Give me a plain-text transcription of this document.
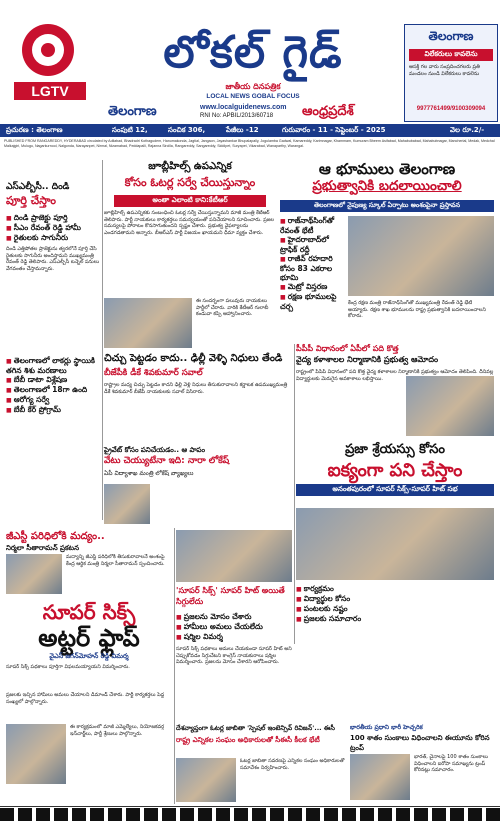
LGTV
లోకల్ గైడ్
జాతీయ దినపత్రిక
LOCAL NEWS GOBAL FOCUS
తెలంగాణ
విలేకరులు కావలెను
ఆసక్తి గల వారు సంప్రదించగలరు ప్రతి మండలం నుండి విలేకరులు కావలెను
9977761499/9100309094
తెలంగాణ	www.localguidenews.com
RNI No: APBIL/2013/60718 ఆంధ్రప్రదేశ్
ప్రచురణ : తెలంగాణ	సంపుటి 12,	సంచిక 306,	పేజీలు -12	గురువారం - 11 - సెప్టెంబర్ - 2025	వెల రూ.2/-
PUBLISHED FROM RANGAREDDY, HYDERABAD circulated by Adilabad, Bhadradri Kothagudem, Hanumakonda, Jagtial, Jangaon, Jayashankar Bhupalapally, Jogulamba Gadwal, Kamareddy, Karimnagar, Khammam, Kumuram Bheem Asifabad, Mahabubabad, Mahabubnagar, Mancherial, Medak, Medchal Malkajgiri, Mulugu, Nagarkurnool, Nalgonda, Narayanpet, Nirmal, Nizamabad, Peddapalli, Rajanna Sircilla, Rangareddy, Sangareddy, Siddipet, Suryapet, Vikarabad, Wanaparthy, Warangal.
జూబ్లీహిల్స్ ఉపఎన్నిక
కోసం ఓటర్ల సర్వే చేయిస్తున్నాం
అంతా ఎలాంటి కాని:కేటీఆర్
జూబ్లీహిల్స్ ఉపఎన్నికకు సంబంధించి ఓటర్ల సర్వే చేయిస్తున్నామని మాజీ మంత్రి కేటీఆర్ తెలిపారు. పార్టీ నాయకులు కార్యకర్తలు సమన్వయంతో పనిచేయాలని సూచించారు. ప్రజల సమస్యలపై పోరాటం కొనసాగుతుందని స్పష్టం చేశారు. ప్రభుత్వ వైఫల్యాలను ఎండగడతామని అన్నారు. బీఆర్ఎస్ పార్టీ విజయం ఖాయమని ధీమా వ్యక్తం చేశారు.
ఈ సందర్భంగా పలువురు నాయకులు పార్టీలో చేరారు. వారికి కేటీఆర్ గులాబీ కండువా కప్పి ఆహ్వానించారు.
ఎస్ఎల్బీసీ.. దిండి
పూర్తి చేస్తాం
■ దిండి ప్రాజెక్టు పూర్తి
■ సీఎం రేవంత్ రెడ్డి హామీ
■ రైతులకు సాగునీరు
దిండి ఎత్తిపోతల ప్రాజెక్టును త్వరలోనే పూర్తి చేసి రైతులకు సాగునీరు అందిస్తామని ముఖ్యమంత్రి రేవంత్ రెడ్డి తెలిపారు. ఎస్ఎల్బీసీ టన్నెల్ పనులు వేగవంతం చేస్తామన్నారు.
ఆ భూములు తెలంగాణ
ప్రభుత్వానికి బదలాయించాలి
తెలంగాణలో నైపుణ్య స్కూల్ ఏర్పాటు అంశంపైనా ప్రస్తావన
■ రాజ్‌నాథ్‌సింగ్‌తో రేవంత్ భేటీ
■ హైదరాబాద్‌లో ట్రాఫిక్ రద్దీ
■ రాజీవ్ రహదారి కోసం 83 ఎకరాల భూమి
■ మెట్రో విస్తరణ
■ రక్షణ భూములపై చర్చ	కేంద్ర రక్షణ మంత్రి రాజ్‌నాథ్‌సింగ్‌తో ముఖ్యమంత్రి రేవంత్ రెడ్డి భేటీ అయ్యారు. రక్షణ శాఖ భూములను రాష్ట్ర ప్రభుత్వానికి బదలాయించాలని కోరారు.
■ తెలంగాణలో లాకర్లు స్థాయికి తగిన శిశు మరణాలు
■ బేబీ డాటా విశ్లేషణ
■ తెలంగాణలో 18గా ఉంది
■ ఆరోగ్య సర్వే
■ బేబీ కేర్ ప్రోగ్రామ్
చిచ్చు పెట్టడం కాదు.. ఢిల్లీ వెళ్ళి నిధులు తేండి
బీజేపీకి డీకే శివకుమార్ సవాల్
రాష్ట్రాల మధ్య చిచ్చు పెట్టడం కాదని ఢిల్లీ వెళ్లి నిధులు తీసుకురావాలని కర్ణాటక ఉపముఖ్యమంత్రి డీకే శివకుమార్ బీజేపీ నాయకులకు సవాల్ విసిరారు.
పీపీపీ విధానంలో ఏపీలో పది కొత్త
వైద్య కళాశాలల నిర్మాణానికి ప్రభుత్వ ఆమోదం
రాష్ట్రంలో పీపీపీ విధానంలో పది కొత్త వైద్య కళాశాలల నిర్మాణానికి ప్రభుత్వం ఆమోదం తెలిపింది. దీనివల్ల విద్యార్థులకు మెరుగైన అవకాశాలు లభిస్తాయి.
ప్రైవేట్ కోసం పనిచేయడం.. ఆ పాపం
వేటు చెయ్యుటేనా ఇది: నారా లోకేష్
ఏపీ విద్యాశాఖ మంత్రి లోకేష్ వ్యాఖ్యలు
ప్రజా శ్రేయస్సు కోసం
ఐక్యంగా పని చేస్తాం
అనంతపురంలో సూపర్ సిక్స్-సూపర్ హిట్ సభ
■ కార్యక్రమం
■ విద్యార్థుల కోసం
■ పంటలకు నష్టం
■ ప్రజలకు సమాచారం
జీఎస్టీ పరిధిలోకి మద్యం..
నిర్మలా సీతారామన్ ప్రకటన
మద్యాన్ని జీఎస్టీ పరిధిలోకి తీసుకురావాలనే అంశంపై కేంద్ర ఆర్థిక మంత్రి నిర్మలా సీతారామన్ స్పందించారు.
సూపర్ సిక్స్
అట్టర్ ఫ్లాప్
వైఎస్ జగన్‌మోహన్ రెడ్డి విమర్శ
సూపర్ సిక్స్ పథకాలు పూర్తిగా విఫలమయ్యాయని విమర్శించారు.
'సూపర్ సిక్స్' సూపర్ హిట్ అయితే సిగ్గులేదు
■ ప్రజలను మోసం చేశారు
■ హామీలు అమలు చేయలేదు
■ షర్మిల విమర్శ
సూపర్ సిక్స్ పథకాలు అమలు చేయకుండా సూపర్ హిట్ అని చెప్పుకోవడం సిగ్గుచేటని కాంగ్రెస్ నాయకురాలు షర్మిల విమర్శించారు. ప్రజలను మోసం చేశారని ఆరోపించారు.
ప్రజలకు ఇచ్చిన హామీలు అమలు చేయాలని డిమాండ్ చేశారు. పార్టీ కార్యకర్తలు పెద్ద సంఖ్యలో పాల్గొన్నారు.
ఈ కార్యక్రమంలో మాజీ ఎమ్మెల్యేలు, నియోజకవర్గ ఇన్‌చార్జ్‌లు, పార్టీ శ్రేణులు పాల్గొన్నారు.
దేశవ్యాప్తంగా ఓటర్ల జాబితా 'స్పెషల్ ఇంటెన్సివ్ రివిజన్'... ఈసీ
రాష్ట్ర ఎన్నికల సంఘం అధికారులతో సీఈసీ కీలక భేటీ
ఓటర్ల జాబితా సవరణపై ఎన్నికల సంఘం అధికారులతో సమావేశం నిర్వహించారు.
భారతీయ ప్రధాని భారీ హెచ్చరిక
100 శాతం సుంకాలు విధించాలని ఈయూను కోరిన ట్రంప్
భారత్, చైనాలపై 100 శాతం సుంకాలు విధించాలని ఐరోపా సమాఖ్యను ట్రంప్ కోరినట్లు సమాచారం.
